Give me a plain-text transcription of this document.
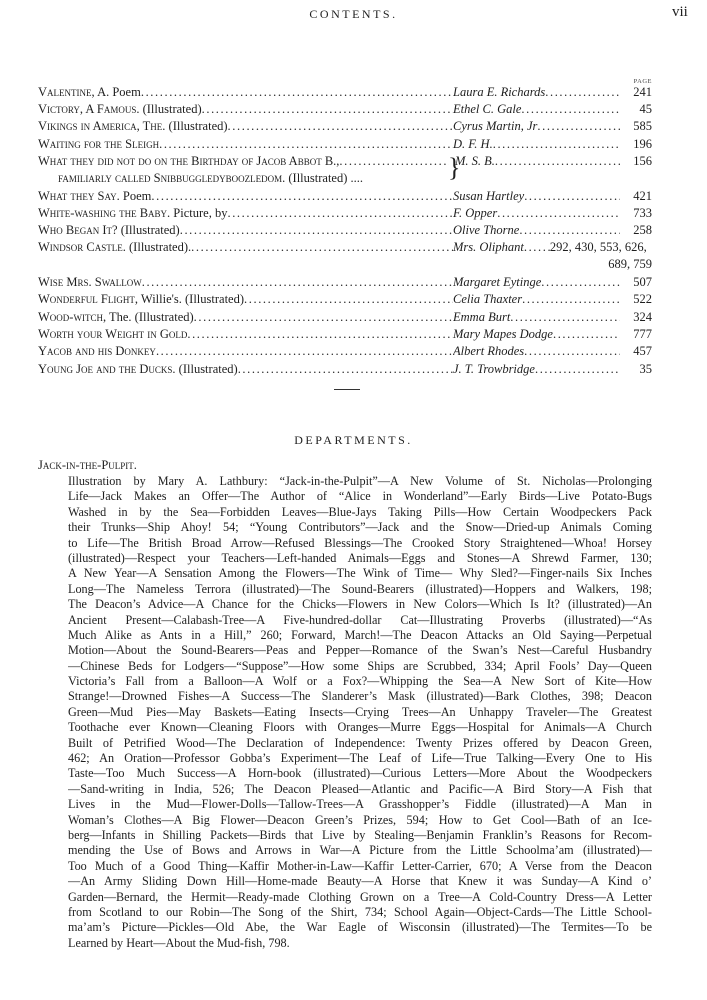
CONTENTS.	vii
PAGE
Valentine, A. Poem .....	Laura E. Richards .....	241
Victory, A Famous. (Illustrated) .....	Ethel C. Gale .....	45
Vikings in America, The. (Illustrated) .....	Cyrus Martin, Jr .....	585
Waiting for the Sleigh .....	D. F. H. .....	196
What they did not do on the Birthday of Jacob Abbot B., .....	M. S. B. .....	156
familiarly called Snibbuggledyboozledom. (Illustrated) ....	}
What they Say. Poem .....	Susan Hartley .....	421
White-washing the Baby. Picture, by .....	F. Opper .....	733
Who Began It? (Illustrated) .....	Olive Thorne .....	258
Windsor Castle. (Illustrated). .....	Mrs. Oliphant ..... 292, 430, 553, 626,
689, 759
Wise Mrs. Swallow .....	Margaret Eytinge .....	507
Wonderful Flight, Willie's. (Illustrated) .....	Celia Thaxter .....	522
Wood-witch, The. (Illustrated) .....	Emma Burt .....	324
Worth your Weight in Gold .....	Mary Mapes Dodge .....	777
Yacob and his Donkey .....	Albert Rhodes .....	457
Young Joe and the Ducks. (Illustrated) .....	J. T. Trowbridge .....	35
DEPARTMENTS.
Jack-in-the-Pulpit.
Illustration by Mary A. Lathbury: “Jack-in-the-Pulpit”—A New Volume of St. Nicholas—Prolonging
Life—Jack Makes an Offer—The Author of “Alice in Wonderland”—Early Birds—Live Potato-Bugs
Washed in by the Sea—Forbidden Leaves—Blue-Jays Taking Pills—How Certain Woodpeckers Pack
their Trunks—Ship Ahoy! 54; “Young Contributors”—Jack and the Snow—Dried-up Animals Coming
to Life—The British Broad Arrow—Refused Blessings—The Crooked Story Straightened—Whoa! Horsey
(illustrated)—Respect your Teachers—Left-handed Animals—Eggs and Stones—A Shrewd Farmer, 130;
A New Year—A Sensation Among the Flowers—The Wink of Time— Why Sled?—Finger-nails Six Inches
Long—The Nameless Terrora (illustrated)—The Sound-Bearers (illustrated)—Hoppers and Walkers, 198;
The Deacon’s Advice—A Chance for the Chicks—Flowers in New Colors—Which Is It? (illustrated)—An
Ancient Present—Calabash-Tree—A Five-hundred-dollar Cat—Illustrating Proverbs (illustrated)—“As
Much Alike as Ants in a Hill,” 260; Forward, March!—The Deacon Attacks an Old Saying—Perpetual
Motion—About the Sound-Bearers—Peas and Pepper—Romance of the Swan’s Nest—Careful Husbandry
—Chinese Beds for Lodgers—“Suppose”—How some Ships are Scrubbed, 334; April Fools’ Day—Queen
Victoria’s Fall from a Balloon—A Wolf or a Fox?—Whipping the Sea—A New Sort of Kite—How
Strange!—Drowned Fishes—A Success—The Slanderer’s Mask (illustrated)—Bark Clothes, 398; Deacon
Green—Mud Pies—May Baskets—Eating Insects—Crying Trees—An Unhappy Traveler—The Greatest
Toothache ever Known—Cleaning Floors with Oranges—Murre Eggs—Hospital for Animals—A Church
Built of Petrified Wood—The Declaration of Independence: Twenty Prizes offered by Deacon Green,
462; An Oration—Professor Gobba’s Experiment—The Leaf of Life—True Talking—Every One to His
Taste—Too Much Success—A Horn-book (illustrated)—Curious Letters—More About the Woodpeckers
—Sand-writing in India, 526; The Deacon Pleased—Atlantic and Pacific—A Bird Story—A Fish that
Lives in the Mud—Flower-Dolls—Tallow-Trees—A Grasshopper’s Fiddle (illustrated)—A Man in
Woman’s Clothes—A Big Flower—Deacon Green’s Prizes, 594; How to Get Cool—Bath of an Ice-
berg—Infants in Shilling Packets—Birds that Live by Stealing—Benjamin Franklin’s Reasons for Recom-
mending the Use of Bows and Arrows in War—A Picture from the Little Schoolma’am (illustrated)—
Too Much of a Good Thing—Kaffir Mother-in-Law—Kaffir Letter-Carrier, 670; A Verse from the Deacon
—An Army Sliding Down Hill—Home-made Beauty—A Horse that Knew it was Sunday—A Kind o’
Garden—Bernard, the Hermit—Ready-made Clothing Grown on a Tree—A Cold-Country Dress—A Letter
from Scotland to our Robin—The Song of the Shirt, 734; School Again—Object-Cards—The Little School-
ma’am’s Picture—Pickles—Old Abe, the War Eagle of Wisconsin (illustrated)—The Termites—To be
Learned by Heart—About the Mud-fish, 798.
